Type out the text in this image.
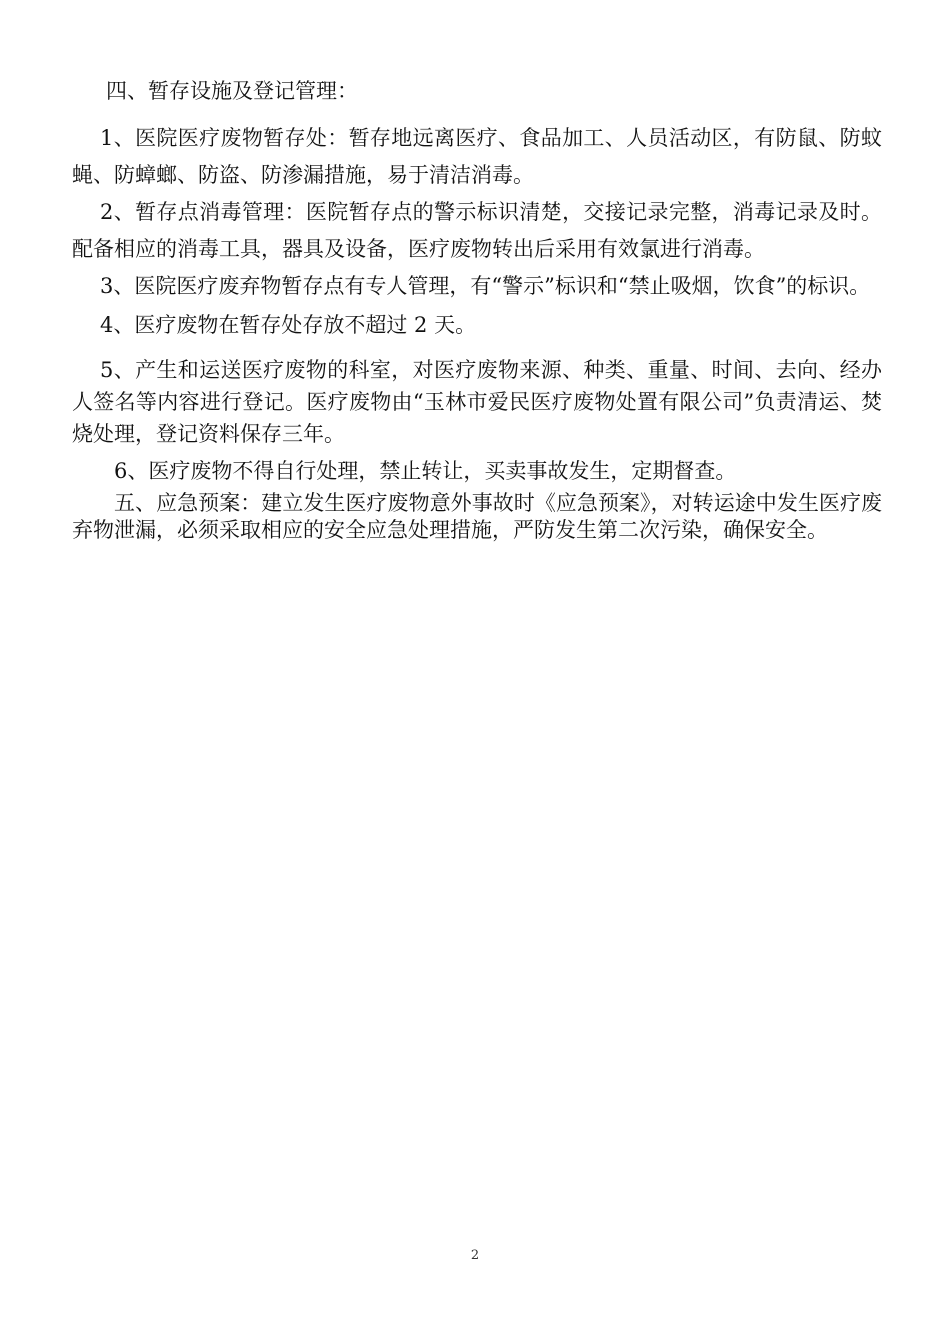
四、暂存设施及登记管理：

1、医院医疗废物暂存处：暂存地远离医疗、食品加工、人员活动区，有防鼠、防蚊蝇、防蟑螂、防盗、防渗漏措施，易于清洁消毒。

2、暂存点消毒管理：医院暂存点的警示标识清楚，交接记录完整，消毒记录及时。配备相应的消毒工具，器具及设备，医疗废物转出后采用有效氯进行消毒。

3、医院医疗废弃物暂存点有专人管理，有“警示”标识和“禁止吸烟，饮食”的标识。

4、医疗废物在暂存处存放不超过 2 天。

5、产生和运送医疗废物的科室，对医疗废物来源、种类、重量、时间、去向、经办人签名等内容进行登记。医疗废物由“玉林市爱民医疗废物处置有限公司”负责清运、焚烧处理，登记资料保存三年。

6、医疗废物不得自行处理，禁止转让，买卖事故发生，定期督查。

五、应急预案：建立发生医疗废物意外事故时《应急预案》，对转运途中发生医疗废弃物泄漏，必须采取相应的安全应急处理措施，严防发生第二次污染，确保安全。

2
